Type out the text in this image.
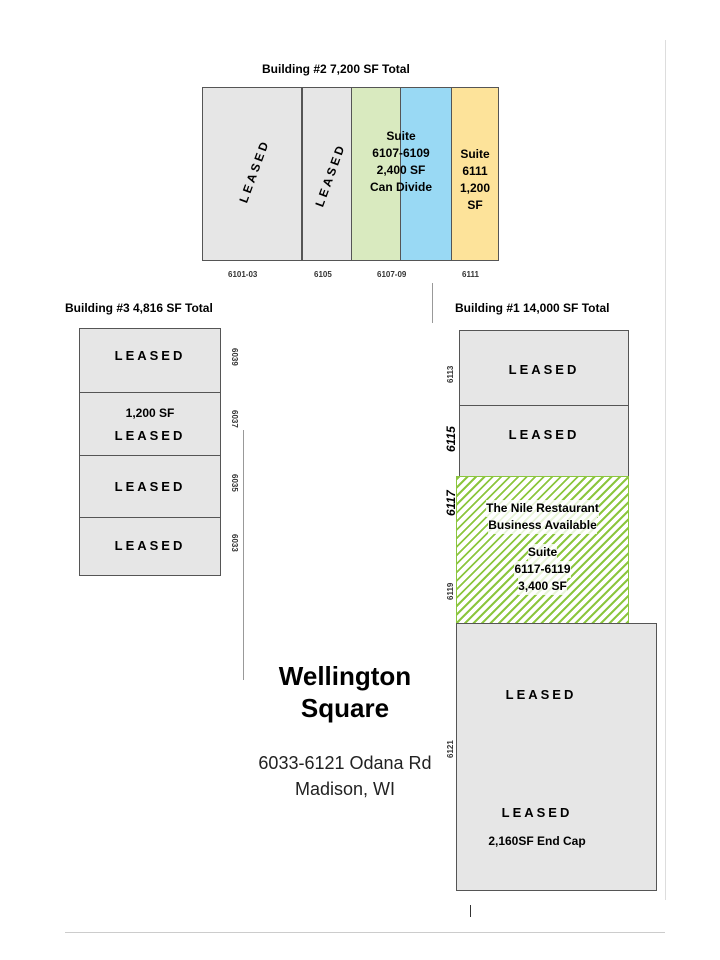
Building #2 7,200 SF Total
LEASED	LEASED
Suite
6107-6109
2,400 SF
Can Divide
Suite
6111
1,200
SF
6101-03	6105	6107-09	6111
Building #3 4,816 SF Total
LEASED
1,200 SF
LEASED
LEASED
LEASED
6039
6037
6035
6033
Building #1 14,000 SF Total
LEASED
LEASED
The Nile Restaurant
Business Available
Suite
6117-6119
3,400 SF
LEASED
LEASED
2,160SF End Cap
6113
6115
6117
6119
6121
Wellington
Square
6033-6121 Odana Rd
Madison, WI
